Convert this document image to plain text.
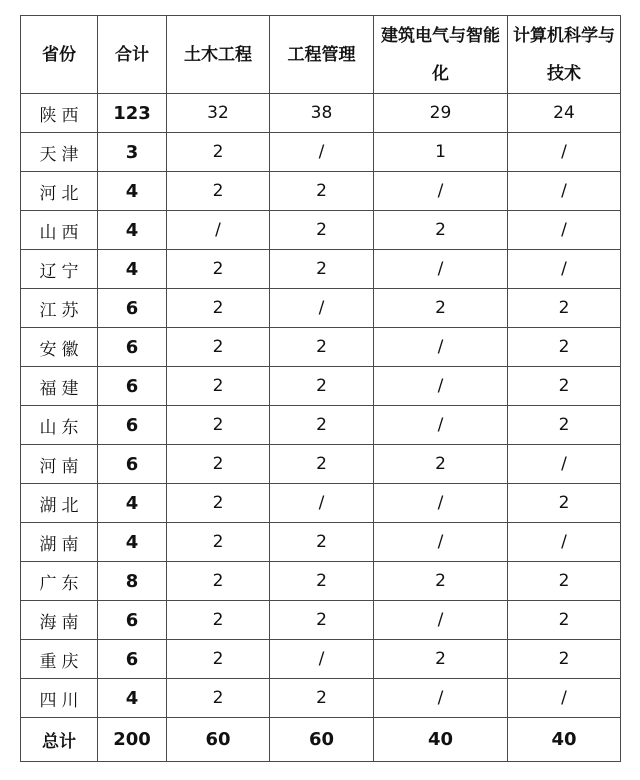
省份	合计	土木工程	工程管理	建筑电气与智能化	计算机科学与技术
陕西	123	32	38	29	24
天津	3	2	/	1	/
河北	4	2	2	/	/
山西	4	/	2	2	/
辽宁	4	2	2	/	/
江苏	6	2	/	2	2
安徽	6	2	2	/	2
福建	6	2	2	/	2
山东	6	2	2	/	2
河南	6	2	2	2	/
湖北	4	2	/	/	2
湖南	4	2	2	/	/
广东	8	2	2	2	2
海南	6	2	2	/	2
重庆	6	2	/	2	2
四川	4	2	2	/	/
总计	200	60	60	40	40
